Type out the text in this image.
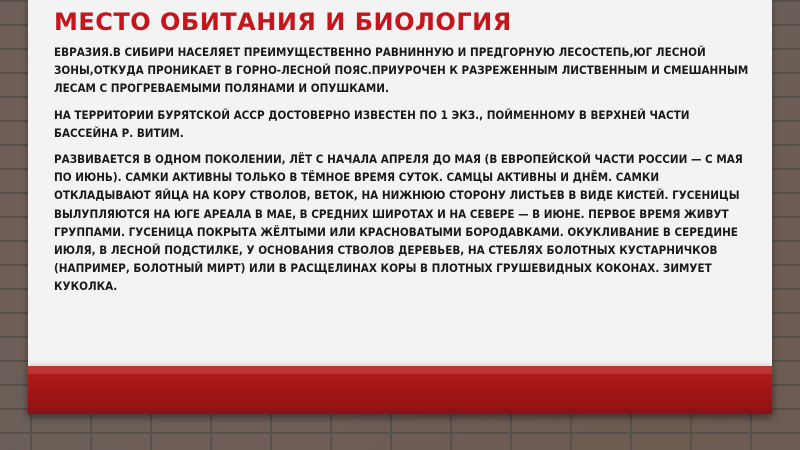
МЕСТО ОБИТАНИЯ И БИОЛОГИЯ

ЕВРАЗИЯ.В СИБИРИ НАСЕЛЯЕТ ПРЕИМУЩЕСТВЕННО РАВНИННУЮ И ПРЕДГОРНУЮ ЛЕСОСТЕПЬ,ЮГ ЛЕСНОЙ ЗОНЫ,ОТКУДА ПРОНИКАЕТ В ГОРНО-ЛЕСНОЙ ПОЯС.ПРИУРОЧЕН К РАЗРЕЖЕННЫМ ЛИСТВЕННЫМ И СМЕШАННЫМ ЛЕСАМ С ПРОГРЕВАЕМЫМИ ПОЛЯНАМИ И ОПУШКАМИ.

НА ТЕРРИТОРИИ БУРЯТСКОЙ АССР ДОСТОВЕРНО ИЗВЕСТЕН ПО 1 ЭКЗ., ПОЙМЕННОМУ В ВЕРХНЕЙ ЧАСТИ БАССЕЙНА Р. ВИТИМ.

РАЗВИВАЕТСЯ В ОДНОМ ПОКОЛЕНИИ, ЛЁТ С НАЧАЛА АПРЕЛЯ ДО МАЯ (В ЕВРОПЕЙСКОЙ ЧАСТИ РОССИИ — С МАЯ ПО ИЮНЬ). САМКИ АКТИВНЫ ТОЛЬКО В ТЁМНОЕ ВРЕМЯ СУТОК. САМЦЫ АКТИВНЫ И ДНЁМ. САМКИ ОТКЛАДЫВАЮТ ЯЙЦА НА КОРУ СТВОЛОВ, ВЕТОК, НА НИЖНЮЮ СТОРОНУ ЛИСТЬЕВ В ВИДЕ КИСТЕЙ. ГУСЕНИЦЫ ВЫЛУПЛЯЮТСЯ НА ЮГЕ АРЕАЛА В МАЕ, В СРЕДНИХ ШИРОТАХ И НА СЕВЕРЕ — В ИЮНЕ. ПЕРВОЕ ВРЕМЯ ЖИВУТ ГРУППАМИ. ГУСЕНИЦА ПОКРЫТА ЖЁЛТЫМИ ИЛИ КРАСНОВАТЫМИ БОРОДАВКАМИ. ОКУКЛИВАНИЕ В СЕРЕДИНЕ ИЮЛЯ, В ЛЕСНОЙ ПОДСТИЛКЕ, У ОСНОВАНИЯ СТВОЛОВ ДЕРЕВЬЕВ, НА СТЕБЛЯХ БОЛОТНЫХ КУСТАРНИЧКОВ (НАПРИМЕР, БОЛОТНЫЙ МИРТ) ИЛИ В РАСЩЕЛИНАХ КОРЫ В ПЛОТНЫХ ГРУШЕВИДНЫХ КОКОНАХ. ЗИМУЕТ КУКОЛКА.
